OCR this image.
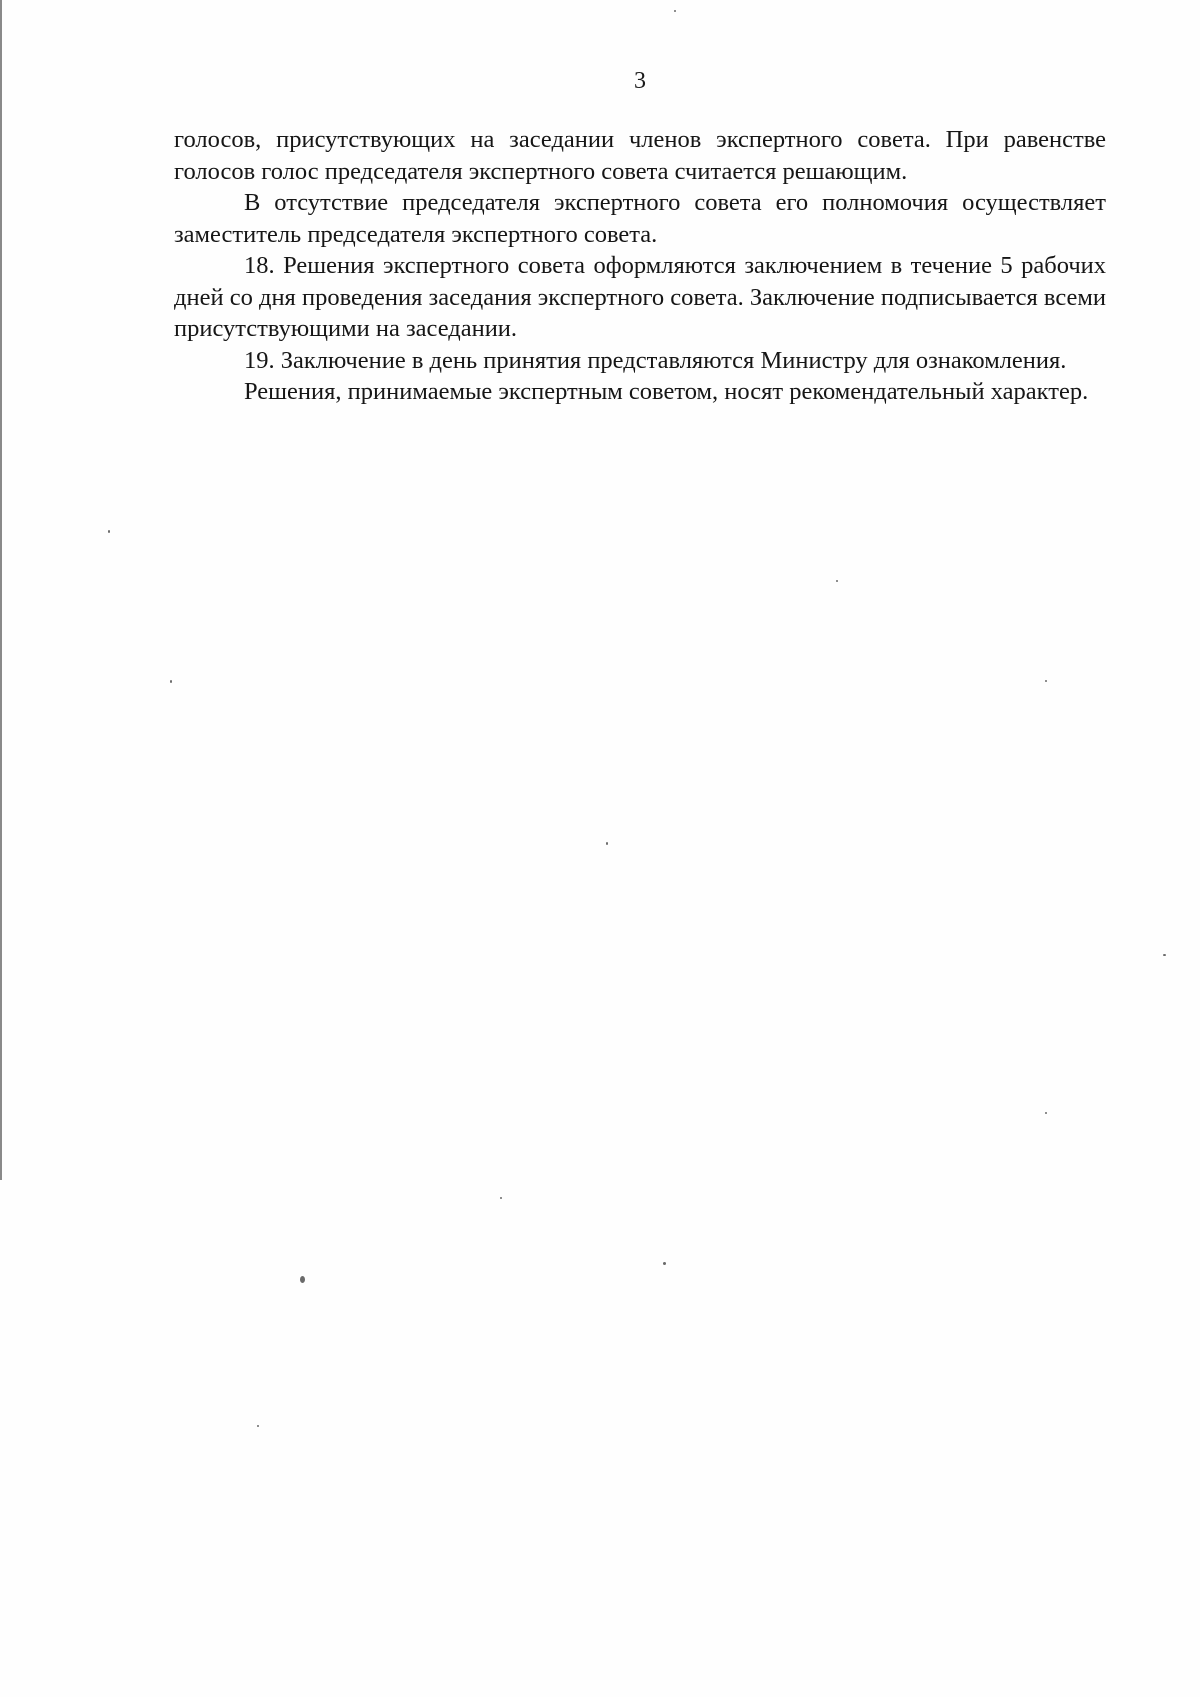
3

голосов, присутствующих на заседании членов экспертного совета. При равенстве голосов голос председателя экспертного совета считается решающим.

В отсутствие председателя экспертного совета его полномочия осуществляет заместитель председателя экспертного совета.

18. Решения экспертного совета оформляются заключением в течение 5 рабочих дней со дня проведения заседания экспертного совета. Заключение подписывается всеми присутствующими на заседании.

19. Заключение в день принятия представляются Министру для ознакомления.

Решения, принимаемые экспертным советом, носят рекомендательный характер.
